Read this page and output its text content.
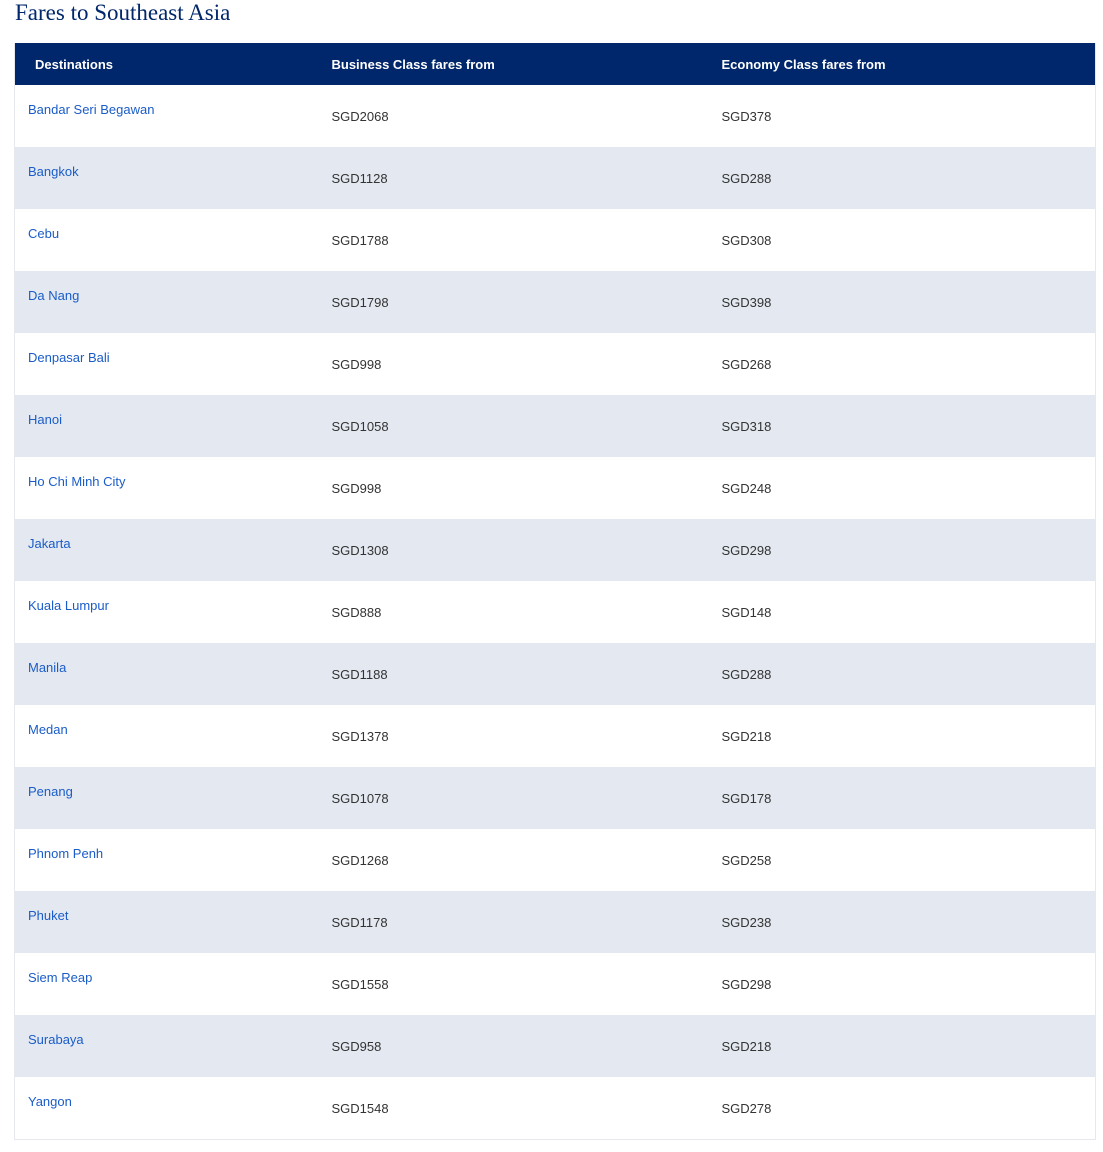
Fares to Southeast Asia
Destinations	Business Class fares from	Economy Class fares from
Bandar Seri Begawan	SGD2068	SGD378
Bangkok	SGD1128	SGD288
Cebu	SGD1788	SGD308
Da Nang	SGD1798	SGD398
Denpasar Bali	SGD998	SGD268
Hanoi	SGD1058	SGD318
Ho Chi Minh City	SGD998	SGD248
Jakarta	SGD1308	SGD298
Kuala Lumpur	SGD888	SGD148
Manila	SGD1188	SGD288
Medan	SGD1378	SGD218
Penang	SGD1078	SGD178
Phnom Penh	SGD1268	SGD258
Phuket	SGD1178	SGD238
Siem Reap	SGD1558	SGD298
Surabaya	SGD958	SGD218
Yangon	SGD1548	SGD278
